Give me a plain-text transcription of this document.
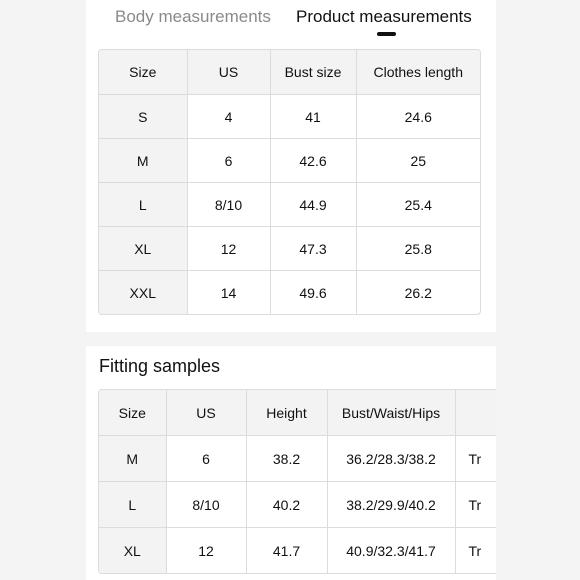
Body measurements Product measurements
Size	US	Bust size	Clothes length
S	4	41	24.6
M	6	42.6	25
L	8/10	44.9	25.4
XL	12	47.3	25.8
XXL	14	49.6	26.2
Fitting samples
Size	US	Height	Bust/Waist/Hips	
M	6	38.2	36.2/28.3/38.2	Tr
L	8/10	40.2	38.2/29.9/40.2	Tr
XL	12	41.7	40.9/32.3/41.7	Tr
